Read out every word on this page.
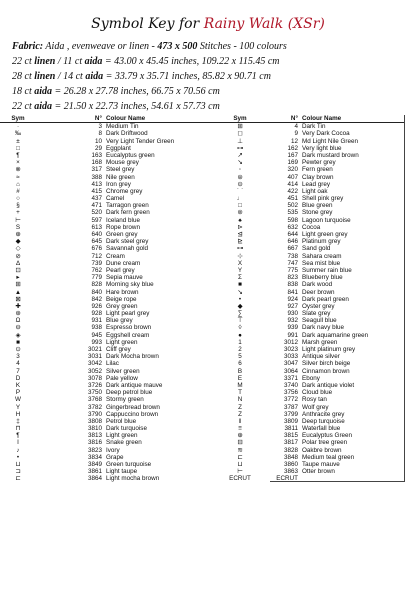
Symbol Key for Rainy Walk (XSr)
Fabric: Aida , evenweave or linen - 473 x 500 Stitches - 100 colours
22 ct linen / 11 ct aida = 43.00 x 45.45 inches, 109.22 x 115.45 cm
28 ct linen / 14 ct aida = 33.79 x 35.71 inches, 85.82 x 90.71 cm
18 ct aida = 26.28 x 27.78 inches, 66.75 x 70.56 cm
22 ct aida = 21.50 x 22.73 inches, 54.61 x 57.73 cm
Sym	N° Colour Name
·	3 Medium Tin
‰	8 Dark Driftwood
±	10 Very Light Tender Green
□	29 Eggplant
¶	163 Eucalyptus green
×	168 Mouse grey
⊗	317 Steel grey
≈	388 Nile green
⌂	413 Iron grey
#	415 Chrome grey
○	437 Camel
§	471 Tarragon green
+	520 Dark fern green
⊢	597 Iceland blue
S	613 Rope brown
⊕	640 Green grey
◆	645 Dark steel grey
◇	676 Savannah gold
⊘	712 Cream
∆	739 Dune cream
⊡	762 Pearl grey
▸	779 Sepia mauve
⊞	828 Morning sky blue
▲	840 Hare brown
⊠	842 Beige rope
✚	926 Grey green
⊛	928 Light pearl grey
Ω	931 Blue grey
⊖	938 Espresso brown
◈	945 Eggshell cream
■	993 Light green
⊙	3021 Cliff grey
3	3031 Dark Mocha brown
4	3042 Lilac
7	3052 Silver green
D	3078 Pale yellow
K	3726 Dark antique mauve
P	3750 Deep petrol blue
W	3768 Stormy green
Y	3782 Gingerbread brown
H	3790 Cappuccino brown
‡	3808 Petrol blue
⊓	3810 Dark turquoise
¶	3813 Light green
I	3816 Snake green
♪	3823 Ivory
•	3834 Grape
⊔	3849 Green turquoise
⊐	3861 Light taupe
⊏	3864 Light mocha brown
Sym	N° Colour Name
⊞	4 Dark Tin
◻	9 Very Dark Cocoa
⊥	12 Md Light Nile Green
⊶	162 Very light blue
↗	167 Dark mustard brown
↘	169 Pewter grey
◦	320 Fern green
⊜	407 Clay brown
⊝	414 Lead grey
⌒	422 Light oak
♩	451 Shell pink grey
□	502 Blue green
⊚	535 Stone grey
♠	598 Lagoon turquoise
⊳	632 Cocoa
⊴	644 Light green grey
⊵	646 Platinum grey
⊶	667 Sand gold
⊹	738 Sahara cream
X	747 Sea mist blue
Y	775 Summer rain blue
Σ	823 Blueberry blue
■	838 Dark wood
↘	841 Deer brown
•	924 Dark pearl green
◆	927 Oyster grey
∑	930 Slate grey
⊤	932 Seagull blue
◊	939 Dark navy blue
●	991 Dark aquamarine green
1	3012 Marsh green
2	3023 Light platinum grey
5	3033 Antique silver
6	3047 Silver birch beige
B	3064 Cinnamon brown
E	3371 Ebony
M	3740 Dark antique violet
T	3756 Cloud blue
N	3772 Rosy tan
Z	3787 Wolf grey
Z	3799 Anthracite grey
‖	3809 Deep turquoise
≡	3811 Waterfall blue
⊕	3815 Eucalyptus Green
⊟	3817 Polar tree green
≋	3828 Oakbre brown
⊏	3848 Medium teal green
⊔	3860 Taupe mauve
⊢	3863 Otter brown
ECRUT	ECRUT
